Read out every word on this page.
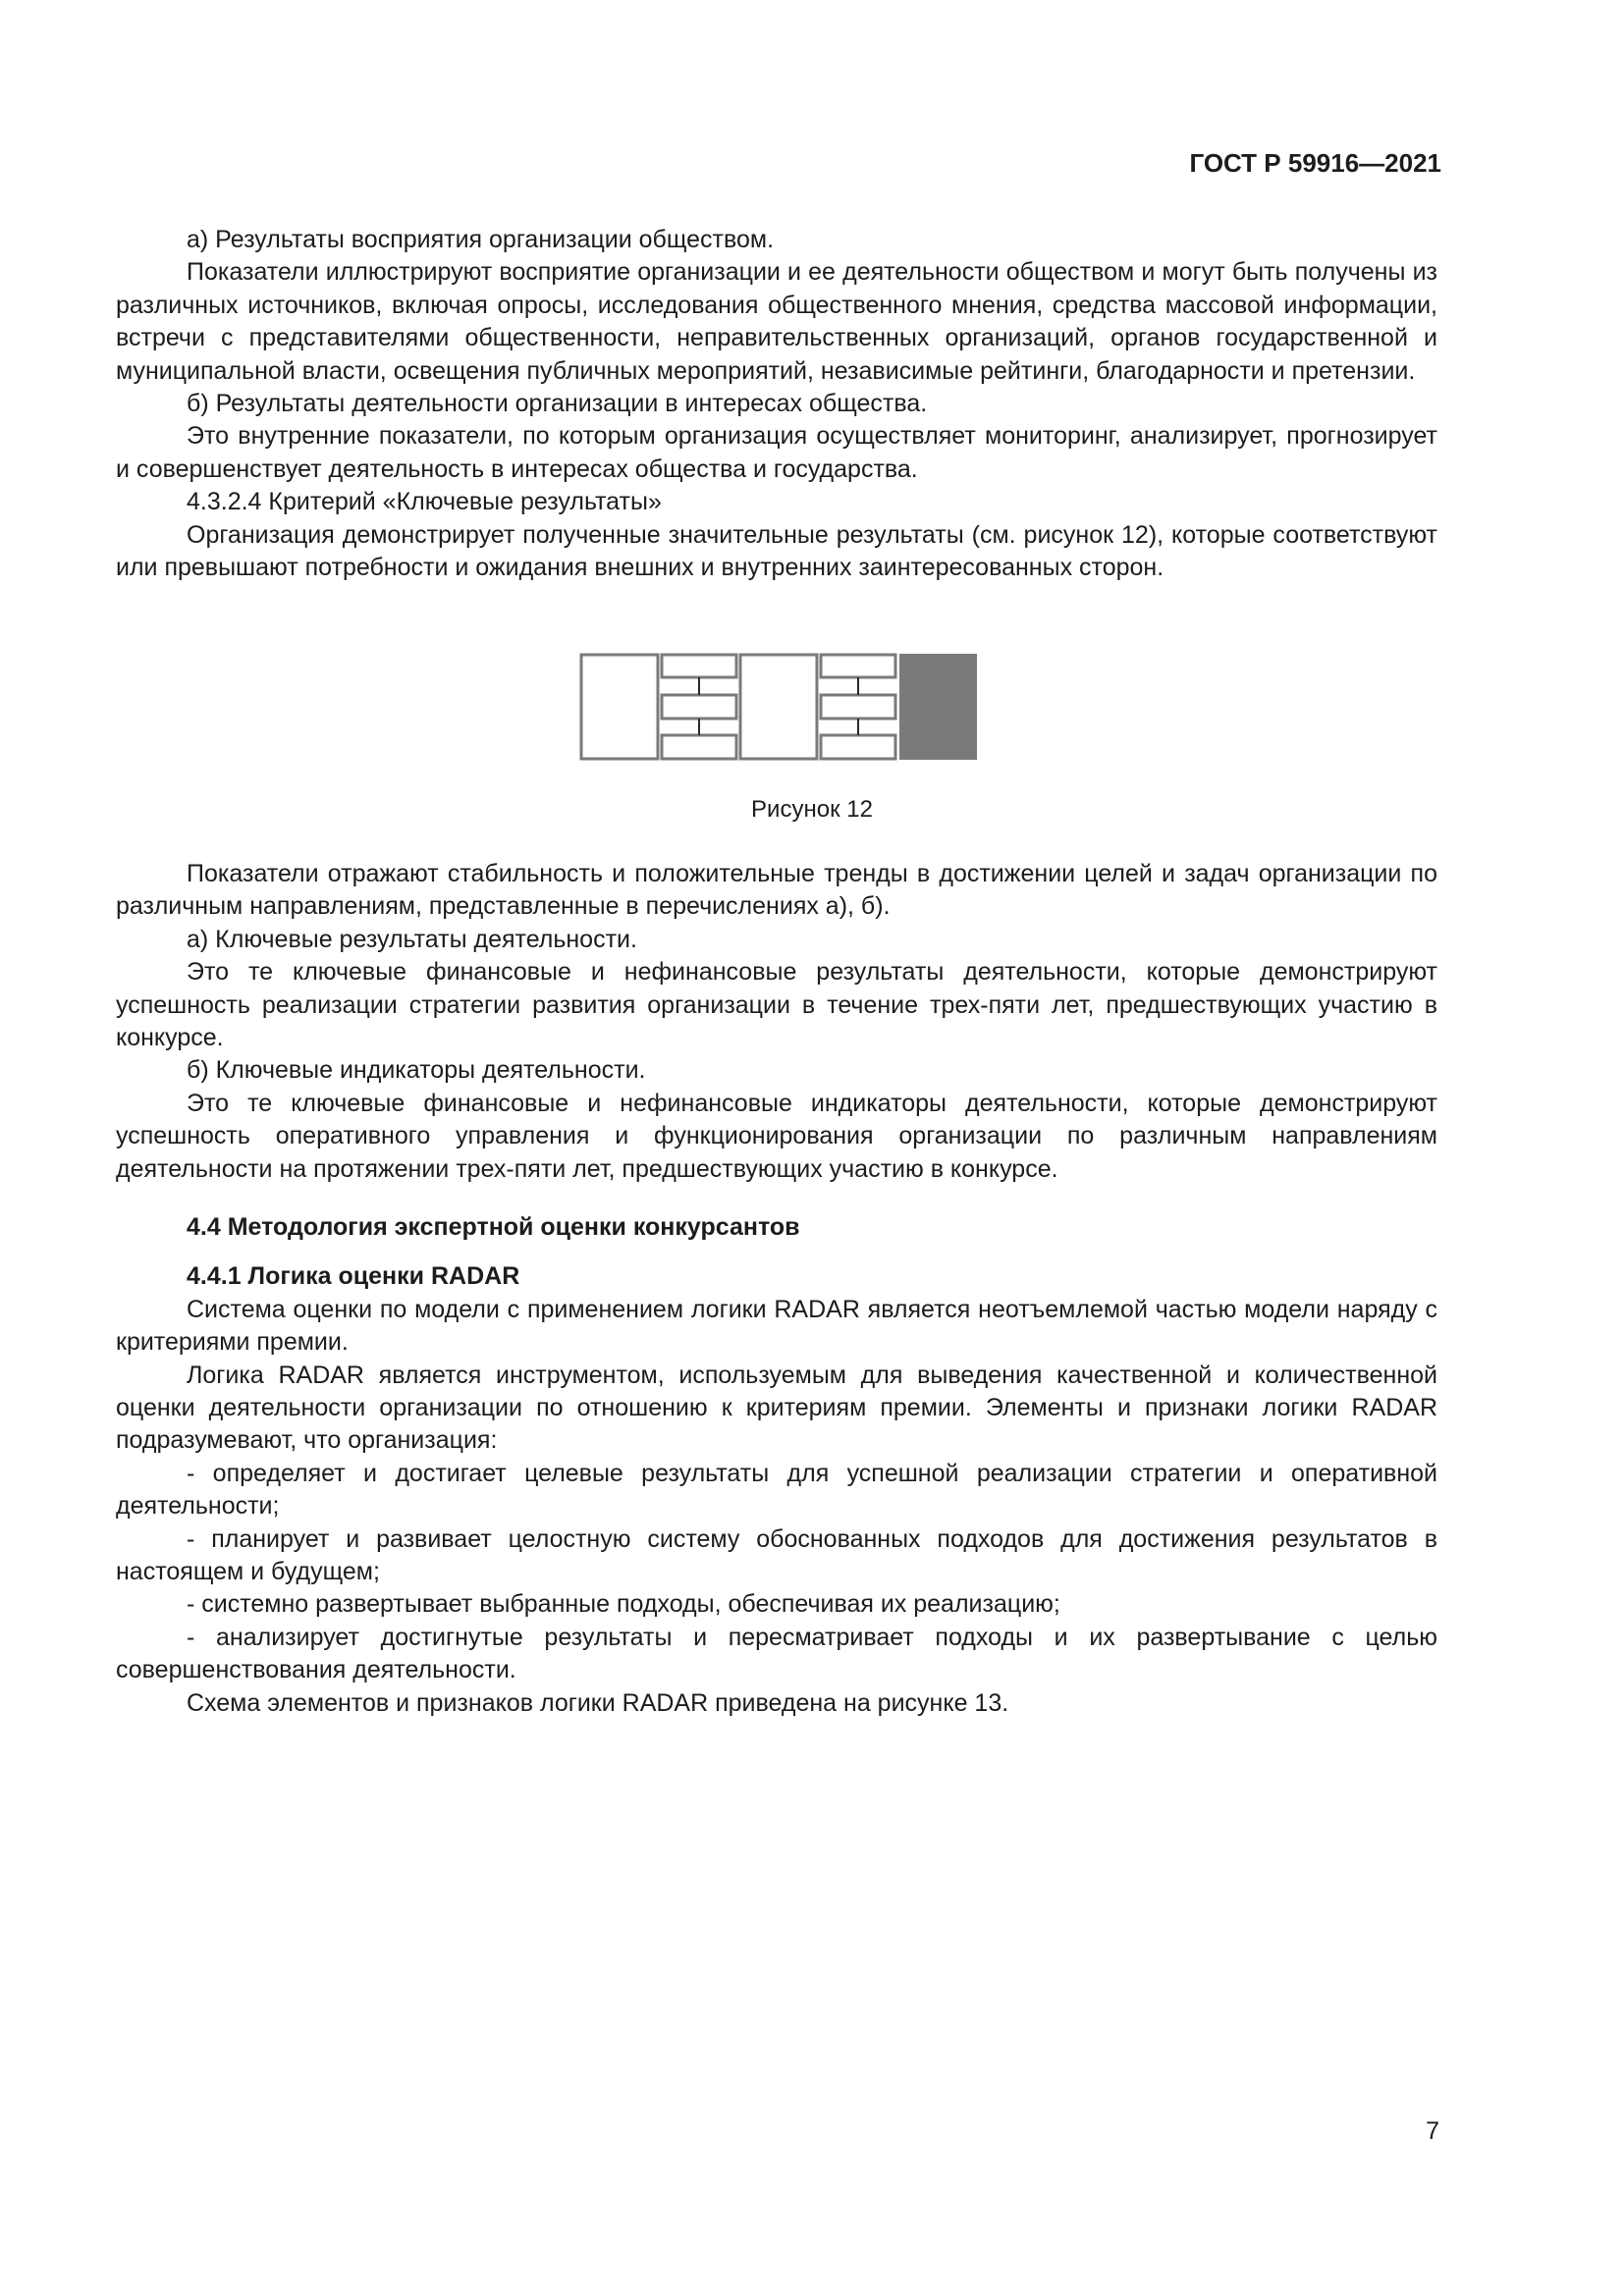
ГОСТ Р 59916—2021

а) Результаты восприятия организации обществом.

Показатели иллюстрируют восприятие организации и ее деятельности обществом и могут быть получены из различных источников, включая опросы, исследования общественного мнения, средства массовой информации, встречи с представителями общественности, неправительственных организаций, органов государственной и муниципальной власти, освещения публичных мероприятий, независимые рейтинги, благодарности и претензии.

б) Результаты деятельности организации в интересах общества.

Это внутренние показатели, по которым организация осуществляет мониторинг, анализирует, прогнозирует и совершенствует деятельность в интересах общества и государства.

4.3.2.4 Критерий «Ключевые результаты»

Организация демонстрирует полученные значительные результаты (см. рисунок 12), которые соответствуют или превышают потребности и ожидания внешних и внутренних заинтересованных сторон.

Рисунок 12

Показатели отражают стабильность и положительные тренды в достижении целей и задач организации по различным направлениям, представленные в перечислениях а), б).

а) Ключевые результаты деятельности.

Это те ключевые финансовые и нефинансовые результаты деятельности, которые демонстрируют успешность реализации стратегии развития организации в течение трех-пяти лет, предшествующих участию в конкурсе.

б) Ключевые индикаторы деятельности.

Это те ключевые финансовые и нефинансовые индикаторы деятельности, которые демонстрируют успешность оперативного управления и функционирования организации по различным направлениям деятельности на протяжении трех-пяти лет, предшествующих участию в конкурсе.

4.4 Методология экспертной оценки конкурсантов

4.4.1 Логика оценки RADAR

Система оценки по модели с применением логики RADAR является неотъемлемой частью модели наряду с критериями премии.

Логика RADAR является инструментом, используемым для выведения качественной и количественной оценки деятельности организации по отношению к критериям премии. Элементы и признаки логики RADAR подразумевают, что организация:

- определяет и достигает целевые результаты для успешной реализации стратегии и оперативной деятельности;

- планирует и развивает целостную систему обоснованных подходов для достижения результатов в настоящем и будущем;

- системно развертывает выбранные подходы, обеспечивая их реализацию;

- анализирует достигнутые результаты и пересматривает подходы и их развертывание с целью совершенствования деятельности.

Схема элементов и признаков логики RADAR приведена на рисунке 13.

7
